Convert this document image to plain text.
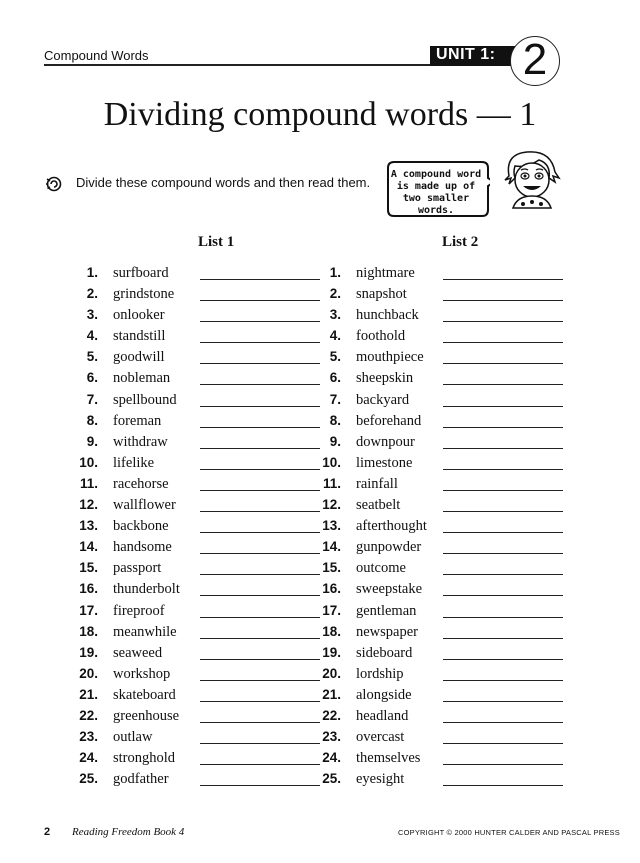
Compound Words	UNIT 1: 2
Dividing compound words — 1
Divide these compound words and then read them.
A compound word is made up of two smaller words.
List 1	List 2
1. surfboard
2. grindstone
3. onlooker
4. standstill
5. goodwill
6. nobleman
7. spellbound
8. foreman
9. withdraw
10. lifelike
11. racehorse
12. wallflower
13. backbone
14. handsome
15. passport
16. thunderbolt
17. fireproof
18. meanwhile
19. seaweed
20. workshop
21. skateboard
22. greenhouse
23. outlaw
24. stronghold
25. godfather
1. nightmare
2. snapshot
3. hunchback
4. foothold
5. mouthpiece
6. sheepskin
7. backyard
8. beforehand
9. downpour
10. limestone
11. rainfall
12. seatbelt
13. afterthought
14. gunpowder
15. outcome
16. sweepstake
17. gentleman
18. newspaper
19. sideboard
20. lordship
21. alongside
22. headland
23. overcast
24. themselves
25. eyesight
2 Reading Freedom Book 4	COPYRIGHT © 2000 HUNTER CALDER AND PASCAL PRESS
